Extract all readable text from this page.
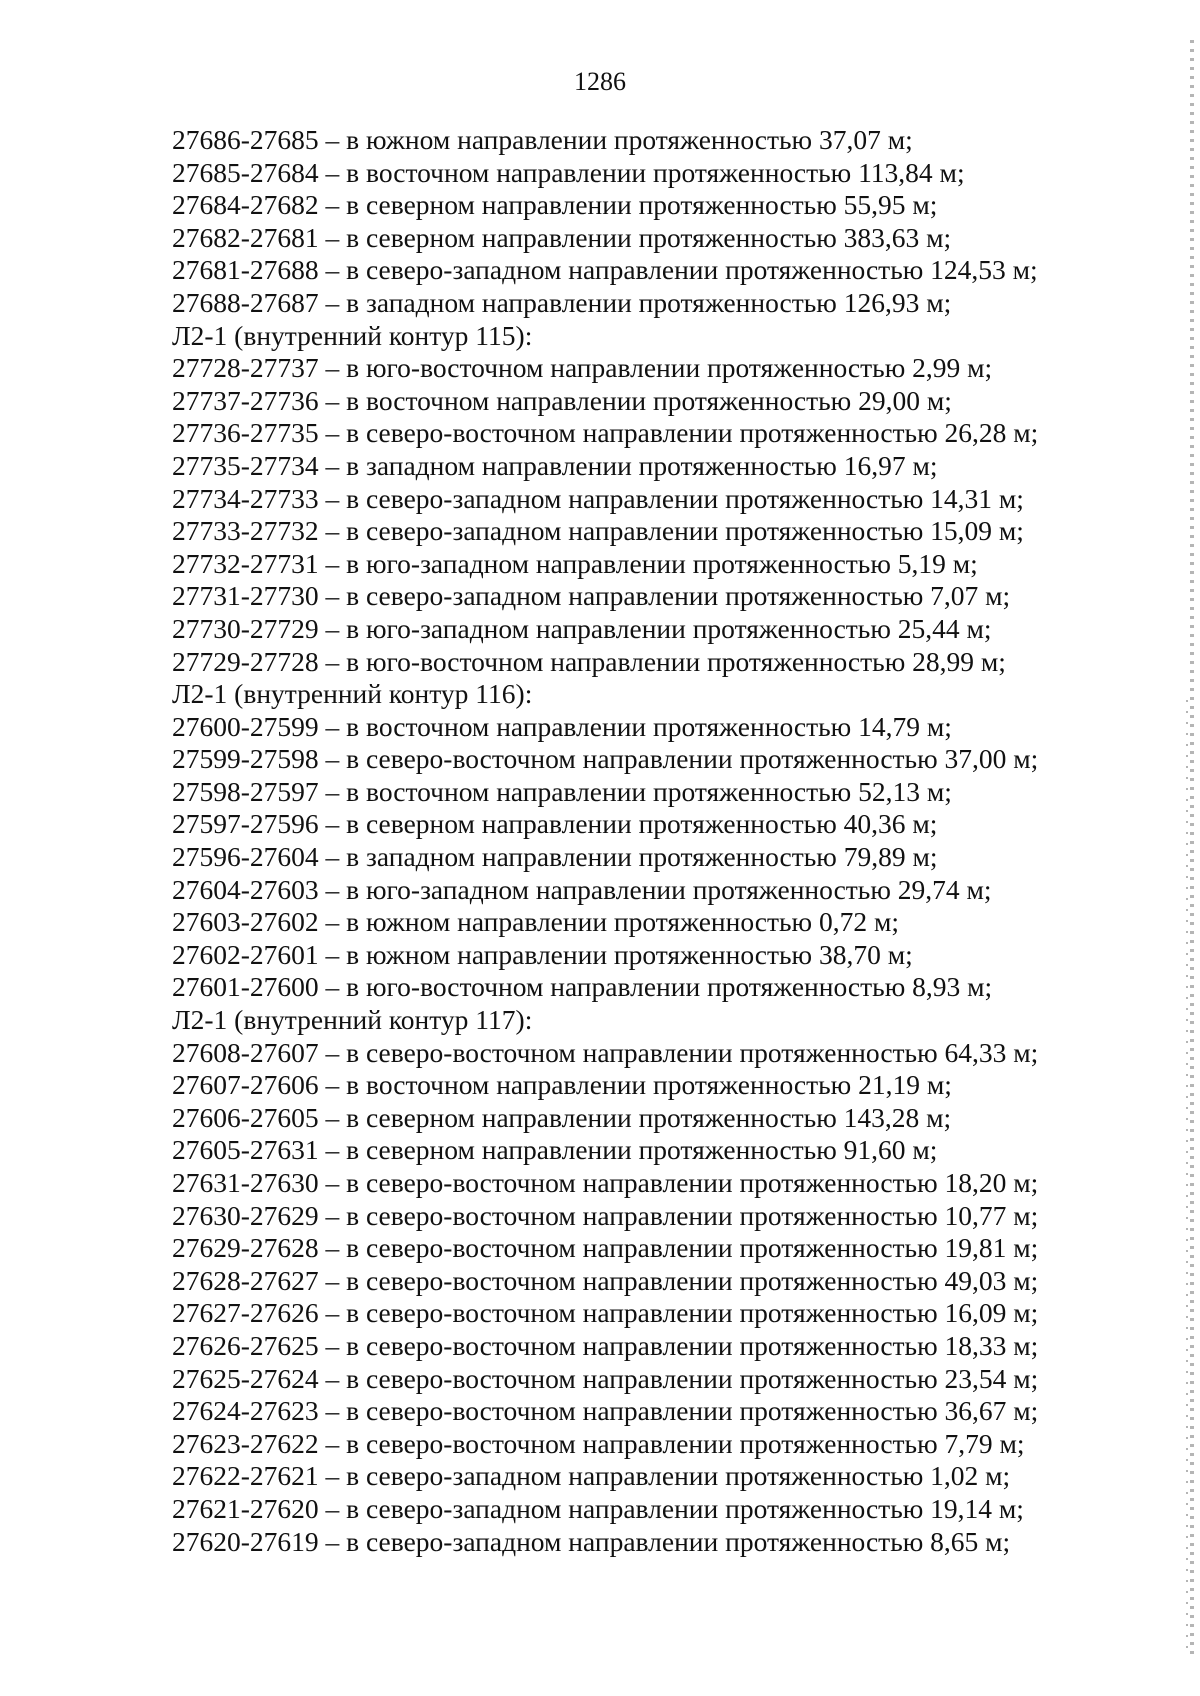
1286
27686-27685 – в южном направлении протяженностью 37,07 м;
27685-27684 – в восточном направлении протяженностью 113,84 м;
27684-27682 – в северном направлении протяженностью 55,95 м;
27682-27681 – в северном направлении протяженностью 383,63 м;
27681-27688 – в северо-западном направлении протяженностью 124,53 м;
27688-27687 – в западном направлении протяженностью 126,93 м;
Л2-1 (внутренний контур 115):
27728-27737 – в юго-восточном направлении протяженностью 2,99 м;
27737-27736 – в восточном направлении протяженностью 29,00 м;
27736-27735 – в северо-восточном направлении протяженностью 26,28 м;
27735-27734 – в западном направлении протяженностью 16,97 м;
27734-27733 – в северо-западном направлении протяженностью 14,31 м;
27733-27732 – в северо-западном направлении протяженностью 15,09 м;
27732-27731 – в юго-западном направлении протяженностью 5,19 м;
27731-27730 – в северо-западном направлении протяженностью 7,07 м;
27730-27729 – в юго-западном направлении протяженностью 25,44 м;
27729-27728 – в юго-восточном направлении протяженностью 28,99 м;
Л2-1 (внутренний контур 116):
27600-27599 – в восточном направлении протяженностью 14,79 м;
27599-27598 – в северо-восточном направлении протяженностью 37,00 м;
27598-27597 – в восточном направлении протяженностью 52,13 м;
27597-27596 – в северном направлении протяженностью 40,36 м;
27596-27604 – в западном направлении протяженностью 79,89 м;
27604-27603 – в юго-западном направлении протяженностью 29,74 м;
27603-27602 – в южном направлении протяженностью 0,72 м;
27602-27601 – в южном направлении протяженностью 38,70 м;
27601-27600 – в юго-восточном направлении протяженностью 8,93 м;
Л2-1 (внутренний контур 117):
27608-27607 – в северо-восточном направлении протяженностью 64,33 м;
27607-27606 – в восточном направлении протяженностью 21,19 м;
27606-27605 – в северном направлении протяженностью 143,28 м;
27605-27631 – в северном направлении протяженностью 91,60 м;
27631-27630 – в северо-восточном направлении протяженностью 18,20 м;
27630-27629 – в северо-восточном направлении протяженностью 10,77 м;
27629-27628 – в северо-восточном направлении протяженностью 19,81 м;
27628-27627 – в северо-восточном направлении протяженностью 49,03 м;
27627-27626 – в северо-восточном направлении протяженностью 16,09 м;
27626-27625 – в северо-восточном направлении протяженностью 18,33 м;
27625-27624 – в северо-восточном направлении протяженностью 23,54 м;
27624-27623 – в северо-восточном направлении протяженностью 36,67 м;
27623-27622 – в северо-восточном направлении протяженностью 7,79 м;
27622-27621 – в северо-западном направлении протяженностью 1,02 м;
27621-27620 – в северо-западном направлении протяженностью 19,14 м;
27620-27619 – в северо-западном направлении протяженностью 8,65 м;
